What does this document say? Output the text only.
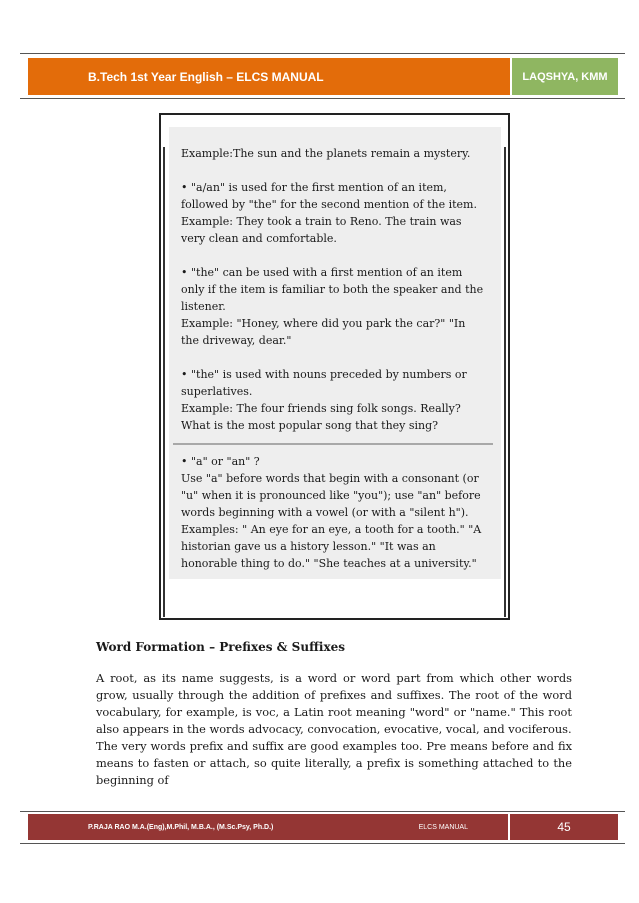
B.Tech 1st Year English – ELCS MANUAL	LAQSHYA, KMM
Example:The sun and the planets remain a mystery.
• "a/an" is used for the first mention of an item, followed by "the" for the second mention of the item.
Example: They took a train to Reno. The train was very clean and comfortable.
• "the" can be used with a first mention of an item only if the item is familiar to both the speaker and the listener.
Example: "Honey, where did you park the car?" "In the driveway, dear."
• "the" is used with nouns preceded by numbers or superlatives.
Example: The four friends sing folk songs. Really? What is the most popular song that they sing?
• "a" or "an" ?
Use "a" before words that begin with a consonant (or "u" when it is pronounced like "you"); use "an" before words beginning with a vowel (or with a "silent h").
Examples: " An eye for an eye, a tooth for a tooth." "A historian gave us a history lesson." "It was an honorable thing to do." "She teaches at a university."
Word Formation – Prefixes & Suffixes
A root, as its name suggests, is a word or word part from which other words grow, usually through the addition of prefixes and suffixes. The root of the word vocabulary, for example, is voc, a Latin root meaning "word" or "name." This root also appears in the words advocacy, convocation, evocative, vocal, and vociferous.
The very words prefix and suffix are good examples too. Pre means before and fix means to fasten or attach, so quite literally, a prefix is something attached to the beginning of
P.RAJA RAO M.A.(Eng),M.Phil, M.B.A., (M.Sc.Psy, Ph.D.)	ELCS MANUAL	45
